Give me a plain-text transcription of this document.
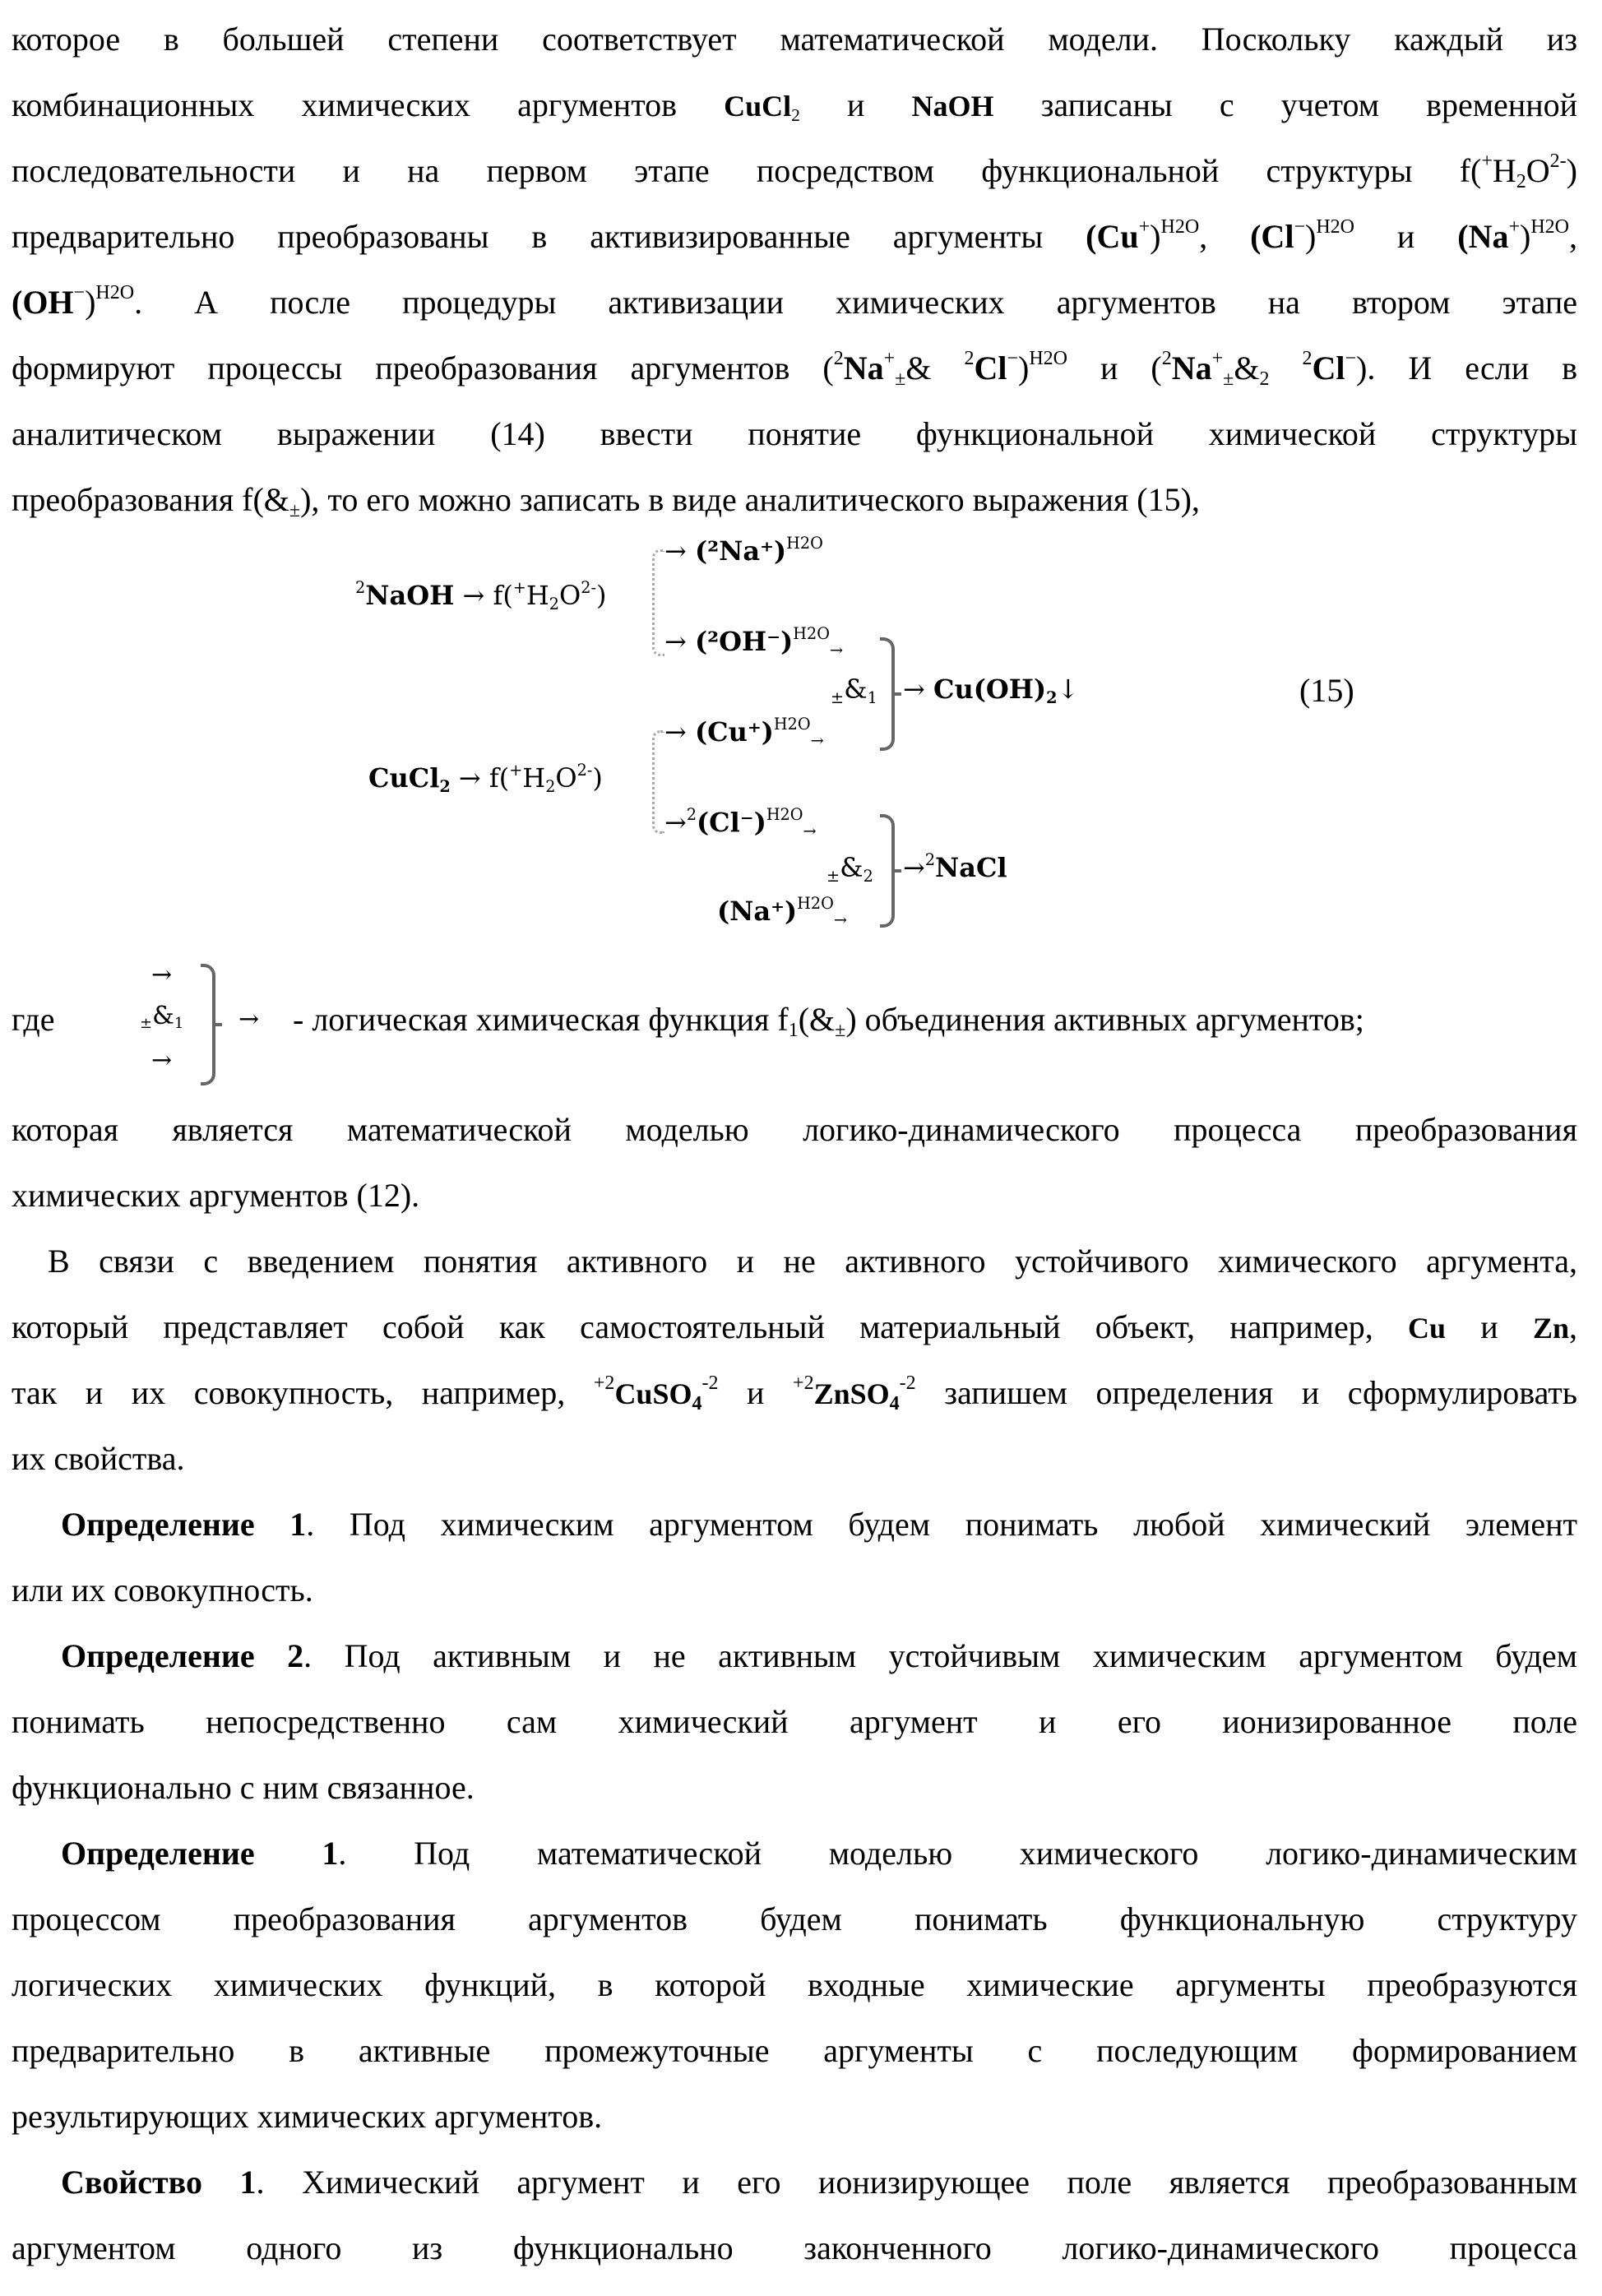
которое в большей степени соответствует математической модели. Поскольку каждый из
комбинационных химических аргументов CuCl2 и NaOH записаны с учетом временной
последовательности и на первом этапе посредством функциональной структуры f(+H2O2-)
предварительно преобразованы в активизированные аргументы (Cu+)H2O, (Cl−)H2O и (Na+)H2O,
(OH−)H2O. А после процедуры активизации химических аргументов на втором этапе
формируют процессы преобразования аргументов (2Na+±& 2Cl−)H2O и (2Na+±&2 2Cl−). И если в
аналитическом выражении (14) ввести понятие функциональной химической структуры
преобразования f(&±), то его можно записать в виде аналитического выражения (15),
2NaOH → f(+H2O2-)
→ (²Na⁺)H2O
→ (²OH⁻)H2O→
±&1 → Cu(OH)2↓
→ (Cu⁺)H2O→
CuCl2 → f(+H2O2-)
→2(Cl⁻)H2O→
±&2 →2NaCl
(Na⁺)H2O→
(15)
где
→
±&1
→
→ - логическая химическая функция f1(&±) объединения активных аргументов;
которая является математической моделью логико-динамического процесса преобразования
химических аргументов (12).
В связи с введением понятия активного и не активного устойчивого химического аргумента,
который представляет собой как самостоятельный материальный объект, например, Cu и Zn,
так и их совокупность, например, +2CuSO4-2 и +2ZnSO4-2 запишем определения и сформулировать
их свойства.
Определение 1. Под химическим аргументом будем понимать любой химический элемент
или их совокупность.
Определение 2. Под активным и не активным устойчивым химическим аргументом будем
понимать непосредственно сам химический аргумент и его ионизированное поле
функционально с ним связанное.
Определение 1. Под математической моделью химического логико-динамическим
процессом преобразования аргументов будем понимать функциональную структуру
логических химических функций, в которой входные химические аргументы преобразуются
предварительно в активные промежуточные аргументы с последующим формированием
результирующих химических аргументов.
Свойство 1. Химический аргумент и его ионизирующее поле является преобразованным
аргументом одного из функционально законченного логико-динамического процесса
